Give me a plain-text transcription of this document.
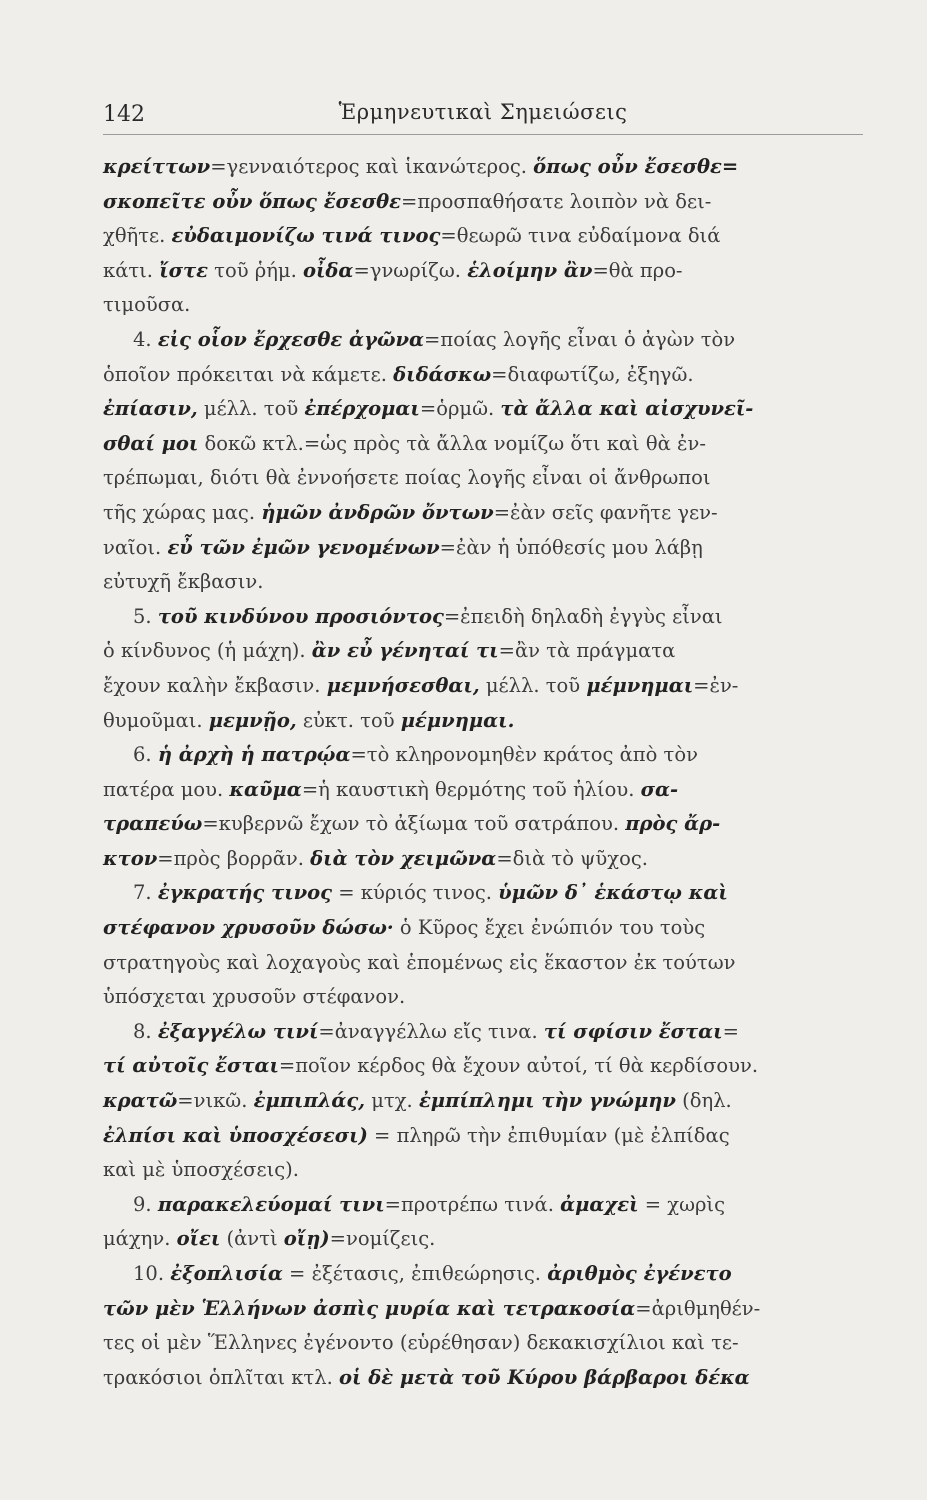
142	Ἑρμηνευτικαὶ Σημειώσεις
κρείττων=γενναιότερος καὶ ἱκανώτερος. ὅπως οὖν ἔσεσθε=
σκοπεῖτε οὖν ὅπως ἔσεσθε=προσπαθήσατε λοιπὸν νὰ δει-
χθῆτε. εὐδαιμονίζω τινά τινος=θεωρῶ τινα εὐδαίμονα διά
κάτι. ἴστε τοῦ ῥήμ. οἶδα=γνωρίζω. ἑλοίμην ἂν=θὰ προ-
τιμοῦσα.
4. εἰς οἷον ἔρχεσθε ἀγῶνα=ποίας λογῆς εἶναι ὁ ἀγὼν τὸν
ὁποῖον πρόκειται νὰ κάμετε. διδάσκω=διαφωτίζω, ἐξηγῶ.
ἐπίασιν, μέλλ. τοῦ ἐπέρχομαι=ὁρμῶ. τὰ ἄλλα καὶ αἰσχυνεῖ-
σθαί μοι δοκῶ κτλ.=ὡς πρὸς τὰ ἄλλα νομίζω ὅτι καὶ θὰ ἐν-
τρέπωμαι, διότι θὰ ἐννοήσετε ποίας λογῆς εἶναι οἱ ἄνθρωποι
τῆς χώρας μας. ἡμῶν ἀνδρῶν ὄντων=ἐὰν σεῖς φανῆτε γεν-
ναῖοι. εὖ τῶν ἐμῶν γενομένων=ἐὰν ἡ ὑπόθεσίς μου λάβῃ
εὐτυχῆ ἔκβασιν.
5. τοῦ κινδύνου προσιόντος=ἐπειδὴ δηλαδὴ ἐγγὺς εἶναι
ὁ κίνδυνος (ἡ μάχη). ἂν εὖ γένηταί τι=ἂν τὰ πράγματα
ἔχουν καλὴν ἔκβασιν. μεμνήσεσθαι, μέλλ. τοῦ μέμνημαι=ἐν-
θυμοῦμαι. μεμνῇο, εὐκτ. τοῦ μέμνημαι.
6. ἡ ἀρχὴ ἡ πατρῴα=τὸ κληρονομηθὲν κράτος ἀπὸ τὸν
πατέρα μου. καῦμα=ἡ καυστικὴ θερμότης τοῦ ἡλίου. σα-
τραπεύω=κυβερνῶ ἔχων τὸ ἀξίωμα τοῦ σατράπου. πρὸς ἄρ-
κτον=πρὸς βορρᾶν. διὰ τὸν χειμῶνα=διὰ τὸ ψῦχος.
7. ἐγκρατής τινος = κύριός τινος. ὑμῶν δ᾽ ἑκάστῳ καὶ
στέφανον χρυσοῦν δώσω· ὁ Κῦρος ἔχει ἐνώπιόν του τοὺς
στρατηγοὺς καὶ λοχαγοὺς καὶ ἑπομένως εἰς ἕκαστον ἐκ τούτων
ὑπόσχεται χρυσοῦν στέφανον.
8. ἐξαγγέλω τινί=ἀναγγέλλω εἴς τινα. τί σφίσιν ἔσται=
τί αὐτοῖς ἔσται=ποῖον κέρδος θὰ ἔχουν αὐτοί, τί θὰ κερδίσουν.
κρατῶ=νικῶ. ἐμπιπλάς, μτχ. ἐμπίπλημι τὴν γνώμην (δηλ.
ἐλπίσι καὶ ὑποσχέσεσι) = πληρῶ τὴν ἐπιθυμίαν (μὲ ἐλπίδας
καὶ μὲ ὑποσχέσεις).
9. παρακελεύομαί τινι=προτρέπω τινά. ἀμαχεὶ = χωρὶς
μάχην. οἴει (ἀντὶ οἴῃ)=νομίζεις.
10. ἐξοπλισία = ἐξέτασις, ἐπιθεώρησις. ἀριθμὸς ἐγένετο
τῶν μὲν Ἑλλήνων ἀσπὶς μυρία καὶ τετρακοσία=ἀριθμηθέν-
τες οἱ μὲν Ἕλληνες ἐγένοντο (εὑρέθησαν) δεκακισχίλιοι καὶ τε-
τρακόσιοι ὁπλῖται κτλ. οἱ δὲ μετὰ τοῦ Κύρου βάρβαροι δέκα
